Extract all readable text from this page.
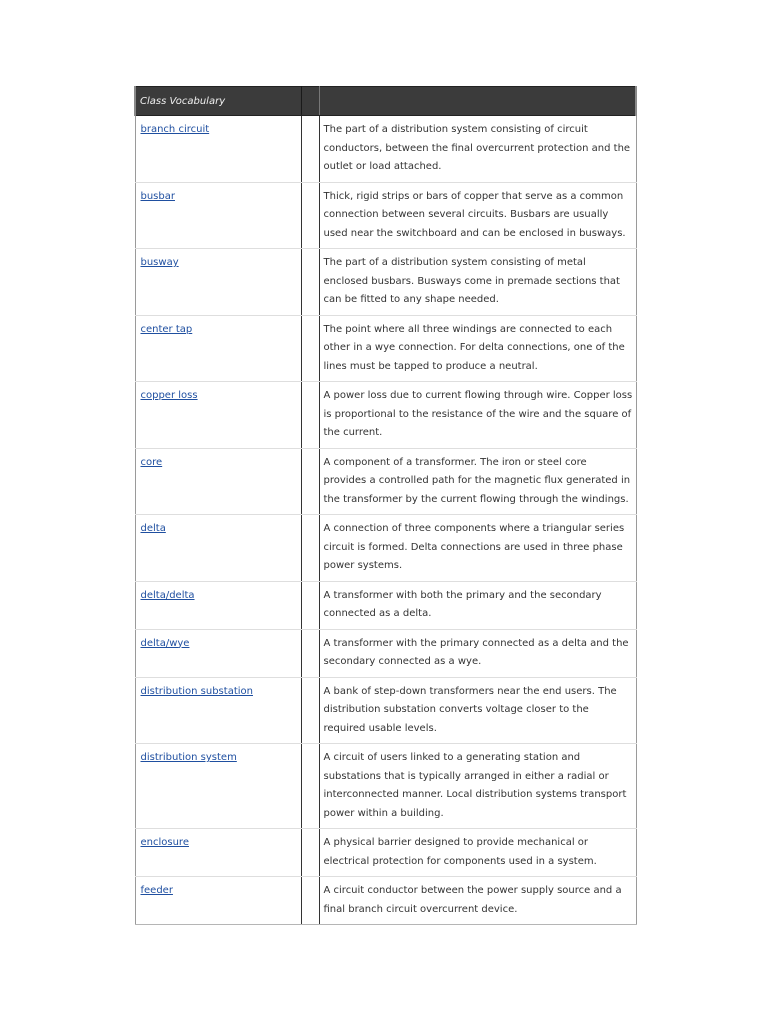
Class Vocabulary		
branch circuit		The part of a distribution system consisting of circuit conductors, between the final overcurrent protection and the outlet or load attached.
busbar		Thick, rigid strips or bars of copper that serve as a common connection between several circuits. Busbars are usually used near the switchboard and can be enclosed in busways.
busway		The part of a distribution system consisting of metal enclosed busbars. Busways come in premade sections that can be fitted to any shape needed.
center tap		The point where all three windings are connected to each other in a wye connection. For delta connections, one of the lines must be tapped to produce a neutral.
copper loss		A power loss due to current flowing through wire. Copper loss is proportional to the resistance of the wire and the square of the current.
core		A component of a transformer. The iron or steel core provides a controlled path for the magnetic flux generated in the transformer by the current flowing through the windings.
delta		A connection of three components where a triangular series circuit is formed. Delta connections are used in three phase power systems.
delta/delta		A transformer with both the primary and the secondary connected as a delta.
delta/wye		A transformer with the primary connected as a delta and the secondary connected as a wye.
distribution substation		A bank of step-down transformers near the end users. The distribution substation converts voltage closer to the required usable levels.
distribution system		A circuit of users linked to a generating station and substations that is typically arranged in either a radial or interconnected manner. Local distribution systems transport power within a building.
enclosure		A physical barrier designed to provide mechanical or electrical protection for components used in a system.
feeder		A circuit conductor between the power supply source and a final branch circuit overcurrent device.
